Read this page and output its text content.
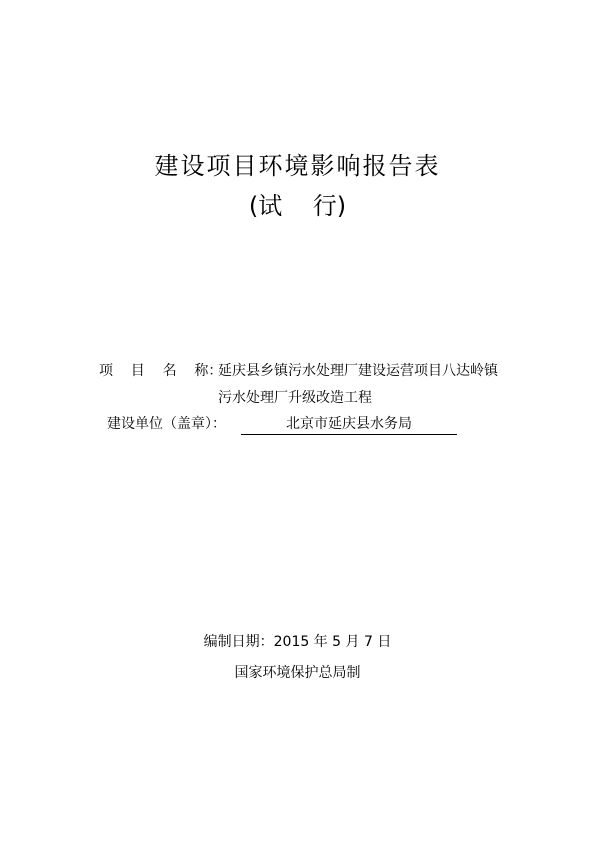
建设项目环境影响报告表
(试    行)
项    目    名    称：
延庆县乡镇污水处理厂建设运营项目八达岭镇
污水处理厂升级改造工程
建设单位（盖章）：	北京市延庆县水务局
编制日期：2015 年 5 月 7 日
国家环境保护总局制
